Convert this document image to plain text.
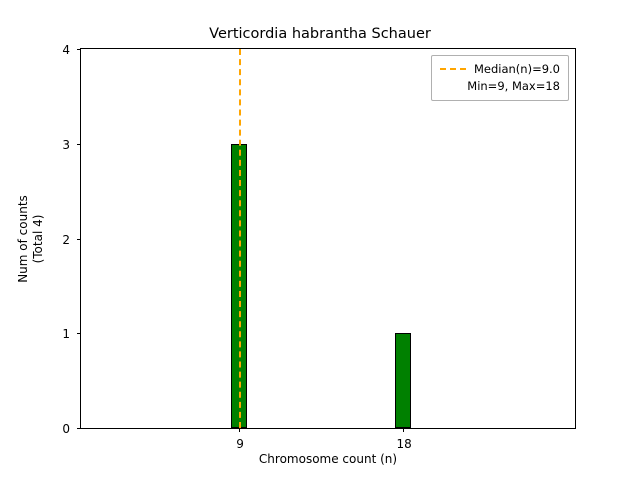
Verticordia habrantha Schauer
0
1
2
3
4
9	18
Median(n)=9.0
Min=9, Max=18
Chromosome count (n)
Num of counts (Total 4)
